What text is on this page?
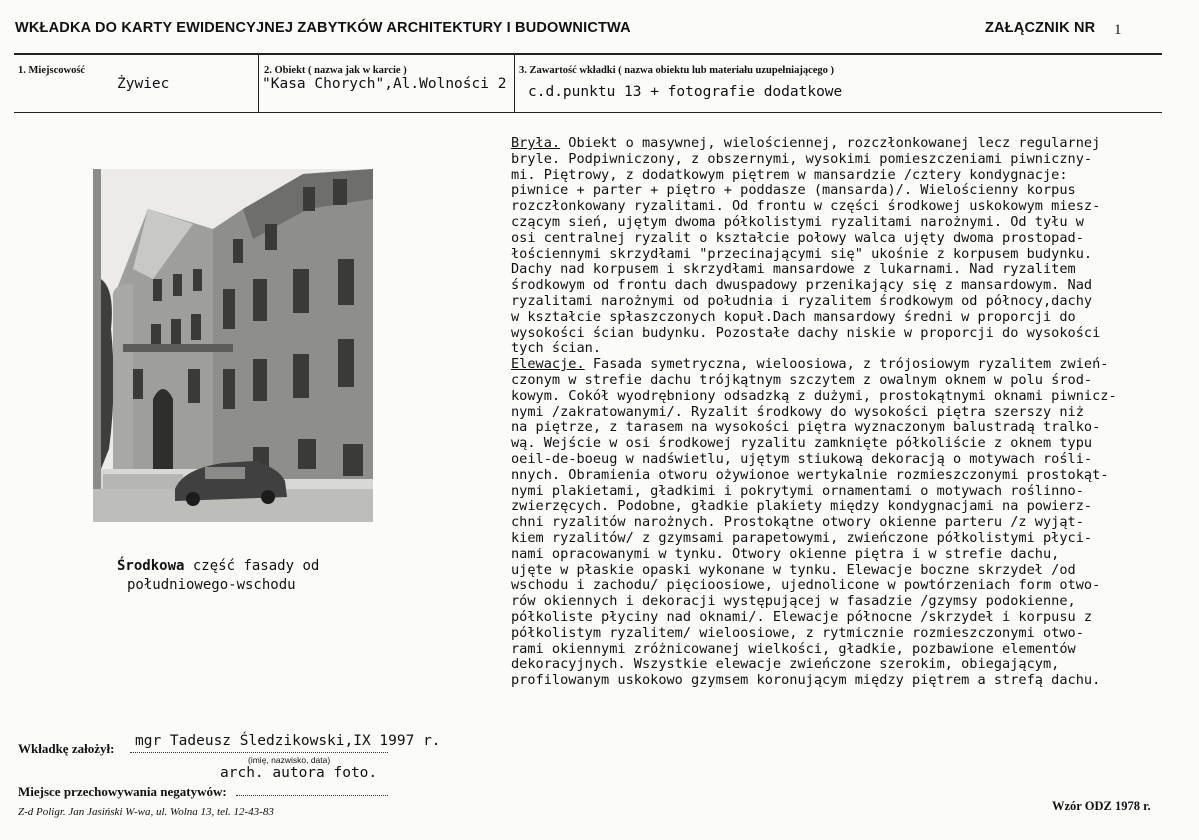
WKŁADKA DO KARTY EWIDENCYJNEJ ZABYTKÓW ARCHITEKTURY I BUDOWNICTWA	ZAŁĄCZNIK NR 1
1. Miejscowość
Żywiec
2. Obiekt ( nazwa jak w karcie )
"Kasa Chorych",Al.Wolności 2
3. Zawartość wkładki ( nazwa obiektu lub materiału uzupełniającego )
c.d.punktu 13 + fotografie dodatkowe
Środkowa część fasady od
południowego-wschodu

Bryła. Obiekt o masywnej, wielościennej, rozczłonkowanej lecz regularnej

bryle. Podpiwniczony, z obszernymi, wysokimi pomieszczeniami piwniczny-

mi. Piętrowy, z dodatkowym piętrem w mansardzie /cztery kondygnacje:

piwnice + parter + piętro + poddasze (mansarda)/. Wielościenny korpus

rozczłonkowany ryzalitami. Od frontu w części środkowej uskokowym miesz-

czącym sień, ujętym dwoma półkolistymi ryzalitami narożnymi. Od tyłu w

osi centralnej ryzalit o kształcie połowy walca ujęty dwoma prostopad-

łościennymi skrzydłami "przecinającymi się" ukośnie z korpusem budynku.

Dachy nad korpusem i skrzydłami mansardowe z lukarnami. Nad ryzalitem

środkowym od frontu dach dwuspadowy przenikający się z mansardowym. Nad

ryzalitami narożnymi od południa i ryzalitem środkowym od północy,dachy

w kształcie spłaszczonych kopuł.Dach mansardowy średni w proporcji do

wysokości ścian budynku. Pozostałe dachy niskie w proporcji do wysokości

tych ścian.

Elewacje. Fasada symetryczna, wieloosiowa, z trójosiowym ryzalitem zwień-

czonym w strefie dachu trójkątnym szczytem z owalnym oknem w polu środ-

kowym. Cokół wyodrębniony odsadzką z dużymi, prostokątnymi oknami piwnicz-

nymi /zakratowanymi/. Ryzalit środkowy do wysokości piętra szerszy niż

na piętrze, z tarasem na wysokości piętra wyznaczonym balustradą tralko-

wą. Wejście w osi środkowej ryzalitu zamknięte półkoliście z oknem typu

oeil-de-boeug w nadświetlu, ujętym stiukową dekoracją o motywach rośli-

nnych. Obramienia otworu ożywionoe wertykalnie rozmieszczonymi prostokąt-

nymi plakietami, gładkimi i pokrytymi ornamentami o motywach roślinno-

zwierzęcych. Podobne, gładkie plakiety między kondygnacjami na powierz-

chni ryzalitów narożnych. Prostokątne otwory okienne parteru /z wyjąt-

kiem ryzalitów/ z gzymsami parapetowymi, zwieńczone półkolistymi płyci-

nami opracowanymi w tynku. Otwory okienne piętra i w strefie dachu,

ujęte w płaskie opaski wykonane w tynku. Elewacje boczne skrzydeł /od

wschodu i zachodu/ pięcioosiowe, ujednolicone w powtórzeniach form otwo-

rów okiennych i dekoracji występującej w fasadzie /gzymsy podokienne,

półkoliste płyciny nad oknami/. Elewacje północne /skrzydeł i korpusu z

półkolistym ryzalitem/ wieloosiowe, z rytmicznie rozmieszczonymi otwo-

rami okiennymi zróżnicowanej wielkości, gładkie, pozbawione elementów

dekoracyjnych. Wszystkie elewacje zwieńczone szerokim, obiegającym,

profilowanym uskokowo gzymsem koronującym między piętrem a strefą dachu.

Wkładkę założył: mgr Tadeusz Śledzikowski,IX 1997 r.
(imię, nazwisko, data)
arch. autora foto.
Miejsce przechowywania negatywów:
Z-d Poligr. Jan Jasiński W-wa, ul. Wolna 13, tel. 12-43-83	Wzór ODZ 1978 r.
